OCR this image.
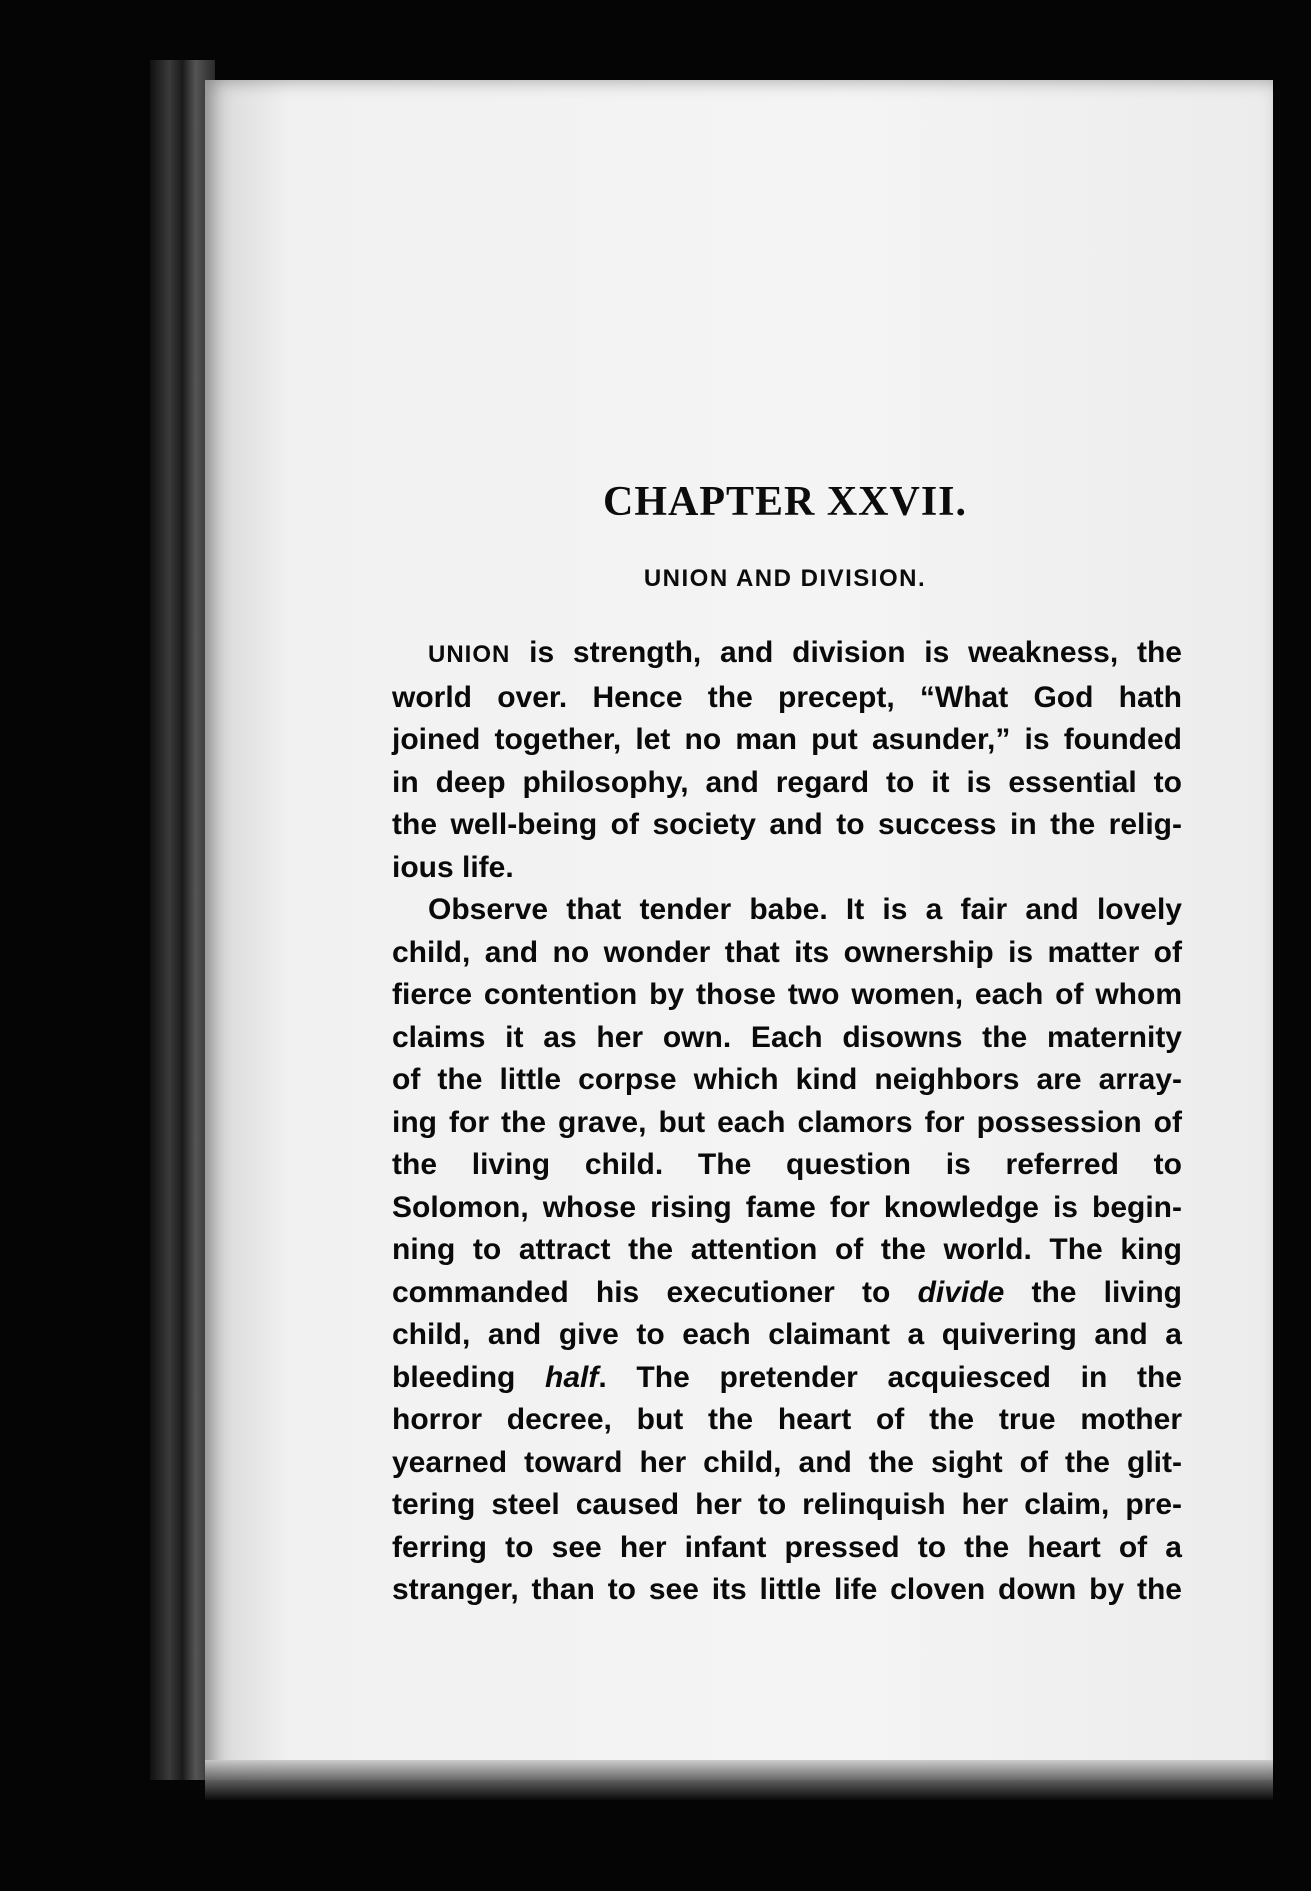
CHAPTER XXVII.
UNION AND DIVISION.
UNION is strength, and division is weakness, the
world over. Hence the precept, “What God hath
joined together, let no man put asunder,” is founded
in deep philosophy, and regard to it is essential to
the well-being of society and to success in the relig-
ious life.
Observe that tender babe. It is a fair and lovely
child, and no wonder that its ownership is matter of
fierce contention by those two women, each of whom
claims it as her own. Each disowns the maternity
of the little corpse which kind neighbors are array-
ing for the grave, but each clamors for possession of
the living child. The question is referred to
Solomon, whose rising fame for knowledge is begin-
ning to attract the attention of the world. The king
commanded his executioner to divide the living
child, and give to each claimant a quivering and a
bleeding half. The pretender acquiesced in the
horror decree, but the heart of the true mother
yearned toward her child, and the sight of the glit-
tering steel caused her to relinquish her claim, pre-
ferring to see her infant pressed to the heart of a
stranger, than to see its little life cloven down by the
